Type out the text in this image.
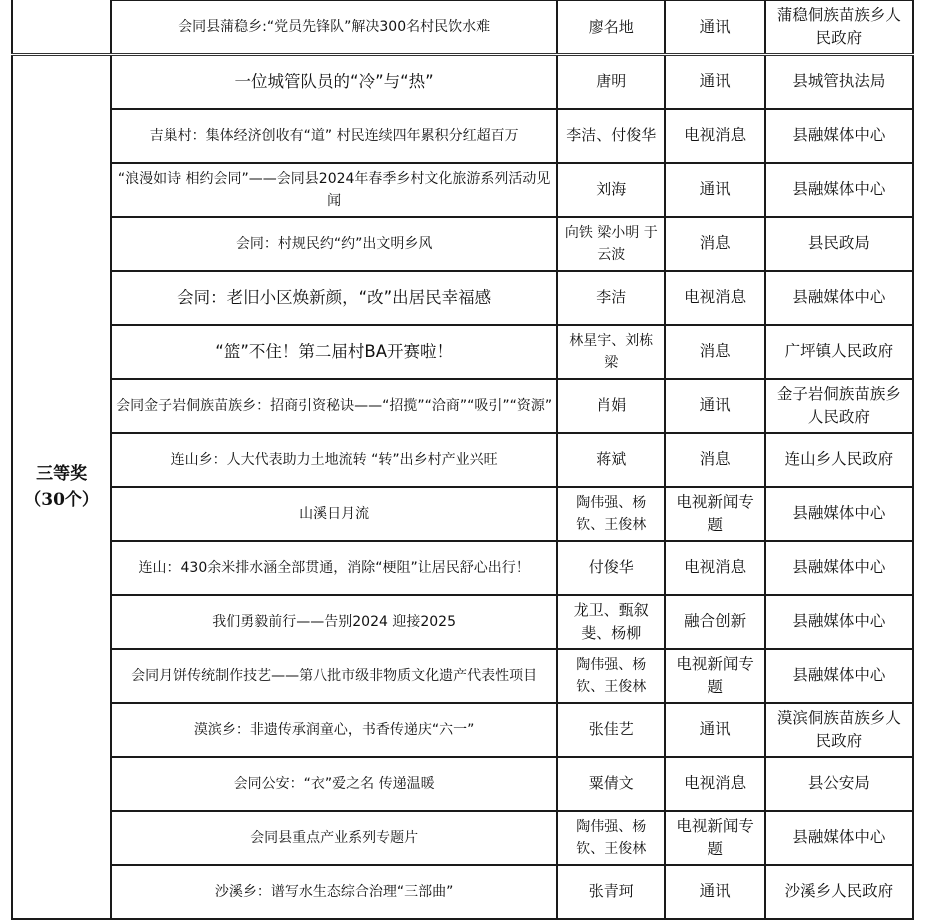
	会同县蒲稳乡:“党员先锋队”解决300名村民饮水难	廖名地	通讯	蒲稳侗族苗族乡人民政府

三等奖
（30个）	一位城管队员的“冷”与“热”	唐明	通讯	县城管执法局
	吉巢村：集体经济创收有“道” 村民连续四年累积分红超百万	李洁、付俊华	电视消息	县融媒体中心
	“浪漫如诗 相约会同”——会同县2024年春季乡村文化旅游系列活动见闻	刘海	通讯	县融媒体中心
	会同：村规民约“约”出文明乡风	向铁 梁小明 于云波	消息	县民政局
	会同：老旧小区焕新颜，“改”出居民幸福感	李洁	电视消息	县融媒体中心
	“篮”不住！第二届村BA开赛啦！	林星宇、刘栋梁	消息	广坪镇人民政府
	会同金子岩侗族苗族乡：招商引资秘诀——“招揽”“洽商”“吸引”“资源”	肖娟	通讯	金子岩侗族苗族乡人民政府
	连山乡：人大代表助力土地流转 “转”出乡村产业兴旺	蒋斌	消息	连山乡人民政府
	山溪日月流	陶伟强、杨钦、王俊林	电视新闻专题	县融媒体中心
	连山：430余米排水涵全部贯通，消除“梗阻”让居民舒心出行！	付俊华	电视消息	县融媒体中心
	我们勇毅前行——告别2024 迎接2025	龙卫、甄叙斐、杨柳	融合创新	县融媒体中心
	会同月饼传统制作技艺——第八批市级非物质文化遗产代表性项目	陶伟强、杨钦、王俊林	电视新闻专题	县融媒体中心
	漠滨乡：非遗传承润童心，书香传递庆“六一”	张佳艺	通讯	漠滨侗族苗族乡人民政府
	会同公安：“衣”爱之名 传递温暖	粟倩文	电视消息	县公安局
	会同县重点产业系列专题片	陶伟强、杨钦、王俊林	电视新闻专题	县融媒体中心
	沙溪乡：谱写水生态综合治理“三部曲”	张青珂	通讯	沙溪乡人民政府
